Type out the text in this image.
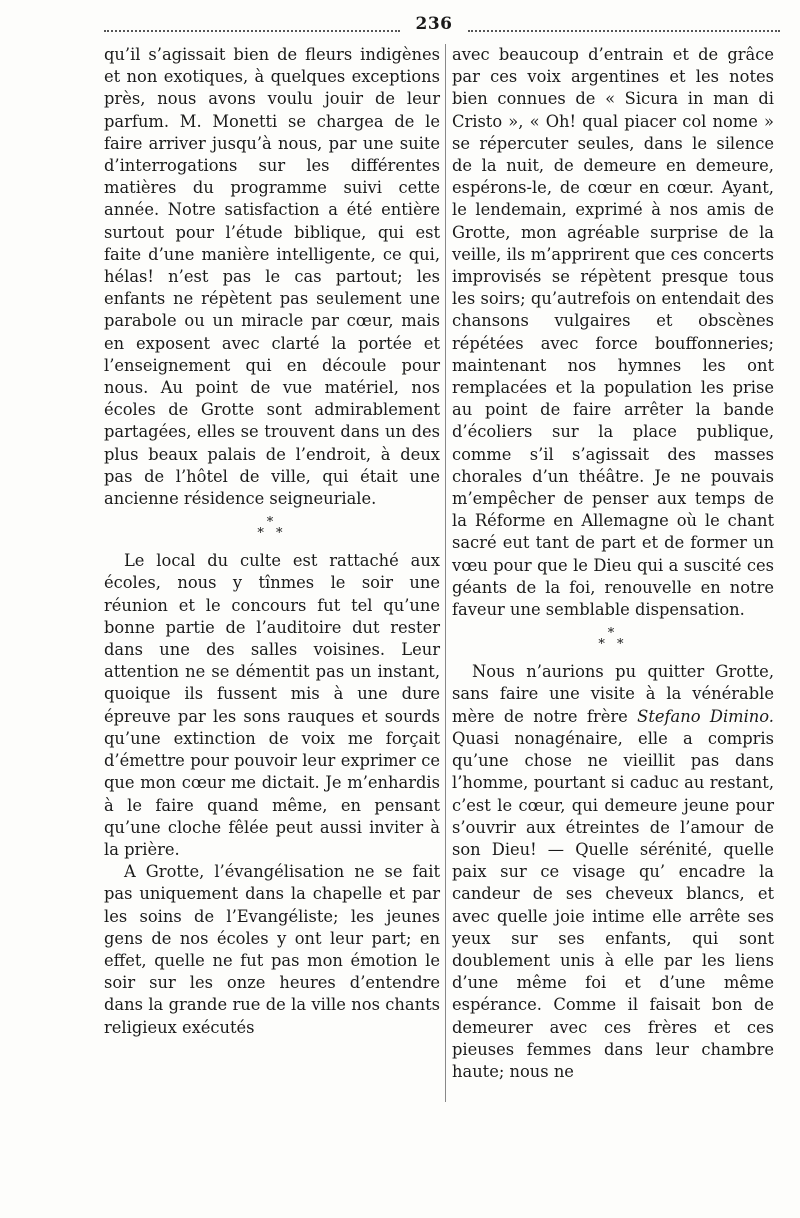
236

qu’il s’agissait bien de fleurs indigènes et non exotiques, à quelques exceptions près, nous avons voulu jouir de leur parfum. M. Monetti se chargea de le faire arriver jusqu’à nous, par une suite d’interrogations sur les différentes matières du programme suivi cette année. Notre satisfaction a été entière surtout pour l’étude biblique, qui est faite d’une manière intelligente, ce qui, hélas! n’est pas le cas partout; les enfants ne répètent pas seulement une parabole ou un miracle par cœur, mais en exposent avec clarté la portée et l’enseignement qui en découle pour nous. Au point de vue matériel, nos écoles de Grotte sont admirablement partagées, elles se trouvent dans un des plus beaux palais de l’endroit, à deux pas de l’hôtel de ville, qui était une ancienne résidence seigneuriale.

*
* *

Le local du culte est rattaché aux écoles, nous y tînmes le soir une réunion et le concours fut tel qu’une bonne partie de l’auditoire dut rester dans une des salles voisines. Leur attention ne se démentit pas un instant, quoique ils fussent mis à une dure épreuve par les sons rauques et sourds qu’une extinction de voix me forçait d’émettre pour pouvoir leur exprimer ce que mon cœur me dictait. Je m’enhardis à le faire quand même, en pensant qu’une cloche fêlée peut aussi inviter à la prière.

A Grotte, l’évangélisation ne se fait pas uniquement dans la chapelle et par les soins de l’Evangéliste; les jeunes gens de nos écoles y ont leur part; en effet, quelle ne fut pas mon émotion le soir sur les onze heures d’entendre dans la grande rue de la ville nos chants religieux exécutés

avec beaucoup d’entrain et de grâce par ces voix argentines et les notes bien connues de « Sicura in man di Cristo », « Oh! qual piacer col nome » se répercuter seules, dans le silence de la nuit, de demeure en demeure, espérons-le, de cœur en cœur. Ayant, le lendemain, exprimé à nos amis de Grotte, mon agréable surprise de la veille, ils m’apprirent que ces concerts improvisés se répètent presque tous les soirs; qu’autrefois on entendait des chansons vulgaires et obscènes répétées avec force bouffonneries; maintenant nos hymnes les ont remplacées et la population les prise au point de faire arrêter la bande d’écoliers sur la place publique, comme s’il s’agissait des masses chorales d’un théâtre. Je ne pouvais m’empêcher de penser aux temps de la Réforme en Allemagne où le chant sacré eut tant de part et de former un vœu pour que le Dieu qui a suscité ces géants de la foi, renouvelle en notre faveur une semblable dispensation.

*
* *

Nous n’aurions pu quitter Grotte, sans faire une visite à la vénérable mère de notre frère Stefano Dimino. Quasi nonagénaire, elle a compris qu’une chose ne vieillit pas dans l’homme, pourtant si caduc au restant, c’est le cœur, qui demeure jeune pour s’ouvrir aux étreintes de l’amour de son Dieu! — Quelle sérénité, quelle paix sur ce visage qu’ encadre la candeur de ses cheveux blancs, et avec quelle joie intime elle arrête ses yeux sur ses enfants, qui sont doublement unis à elle par les liens d’une même foi et d’une même espérance. Comme il faisait bon de demeurer avec ces frères et ces pieuses femmes dans leur chambre haute; nous ne
